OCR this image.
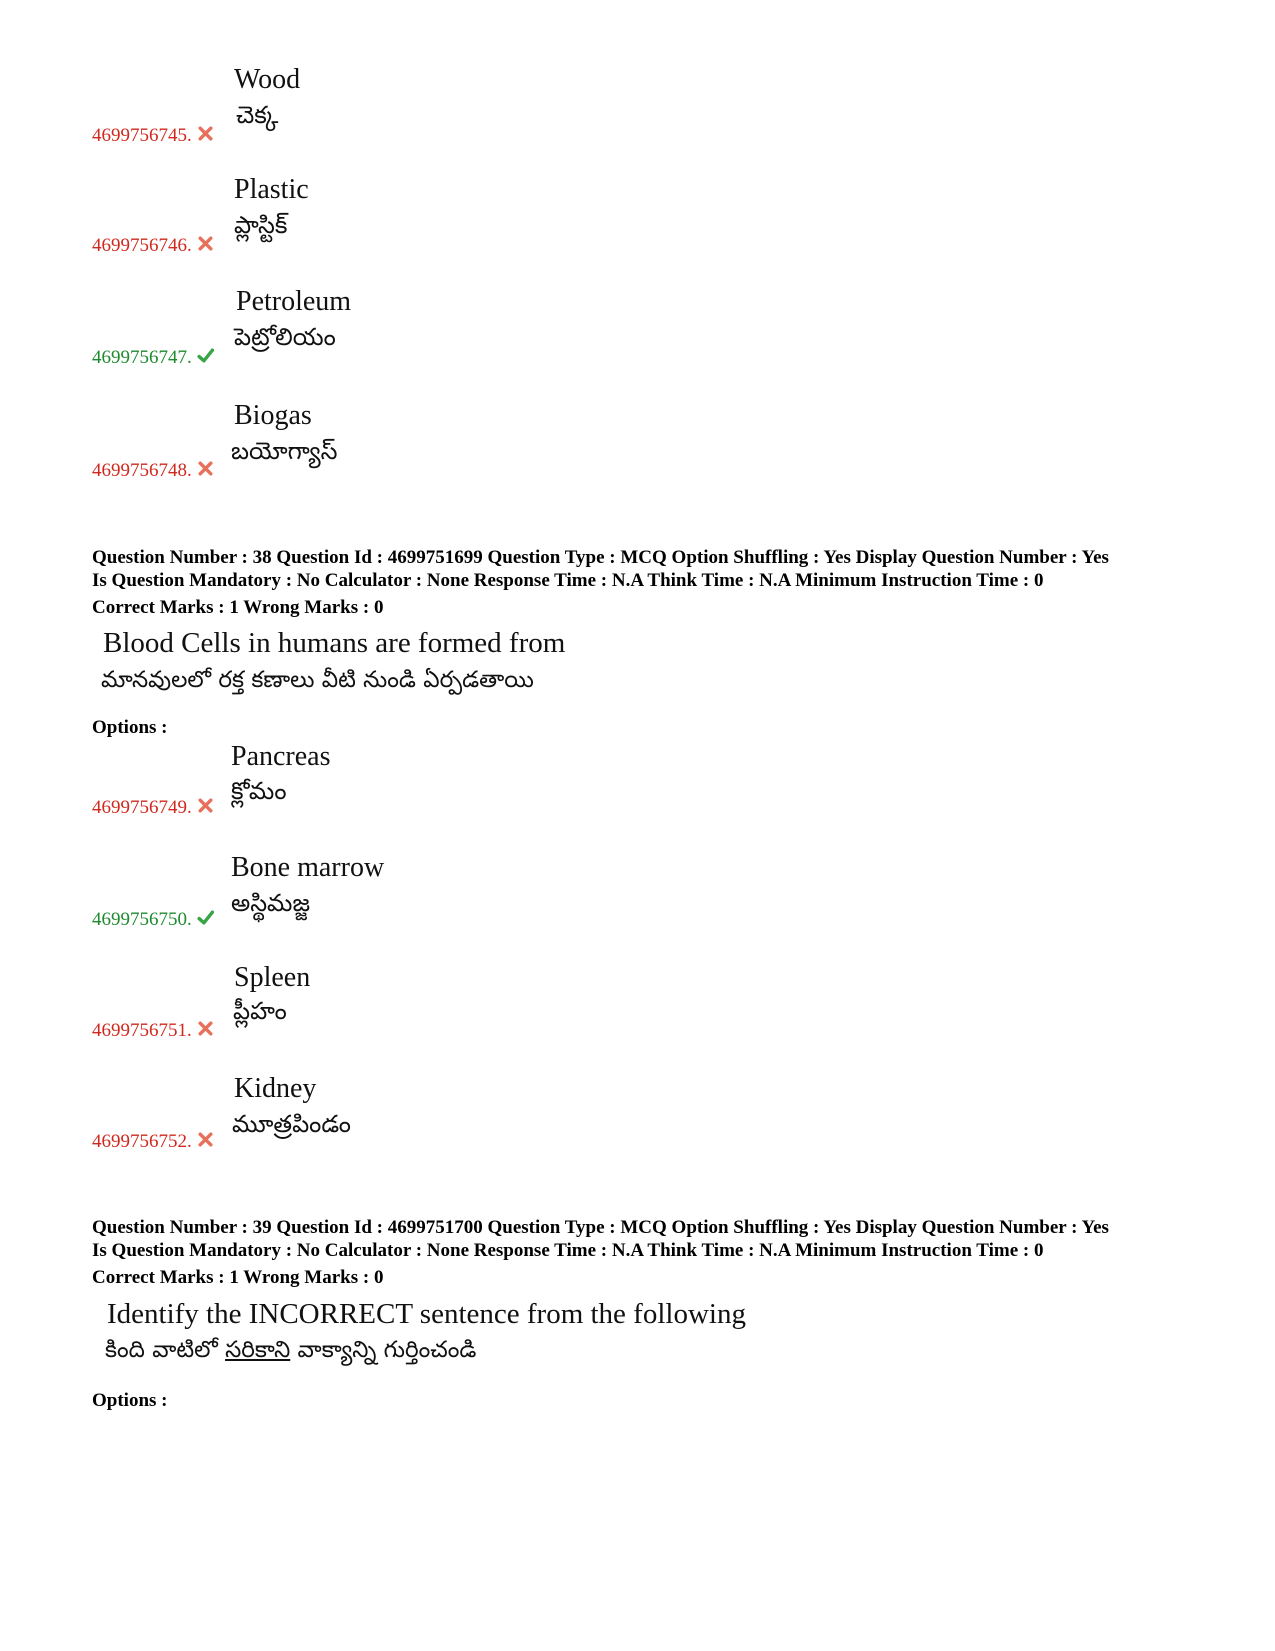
Wood
చెక్క
4699756745.
Plastic
ప్లాస్టిక్
4699756746.
Petroleum
పెట్రోలియం
4699756747.
Biogas
బయోగ్యాస్
4699756748.
Question Number : 38 Question Id : 4699751699 Question Type : MCQ Option Shuffling : Yes Display Question Number : Yes
Is Question Mandatory : No Calculator : None Response Time : N.A Think Time : N.A Minimum Instruction Time : 0
Correct Marks : 1 Wrong Marks : 0
Blood Cells in humans are formed from
మానవులలో రక్త కణాలు వీటి నుండి ఏర్పడతాయి
Options :
Pancreas
క్లోమం
4699756749.
Bone marrow
అస్థిమజ్జ
4699756750.
Spleen
ప్లీహం
4699756751.
Kidney
మూత్రపిండం
4699756752.
Question Number : 39 Question Id : 4699751700 Question Type : MCQ Option Shuffling : Yes Display Question Number : Yes
Is Question Mandatory : No Calculator : None Response Time : N.A Think Time : N.A Minimum Instruction Time : 0
Correct Marks : 1 Wrong Marks : 0
Identify the INCORRECT sentence from the following
కింది వాటిలో సరికాని వాక్యాన్ని గుర్తించండి
Options :
